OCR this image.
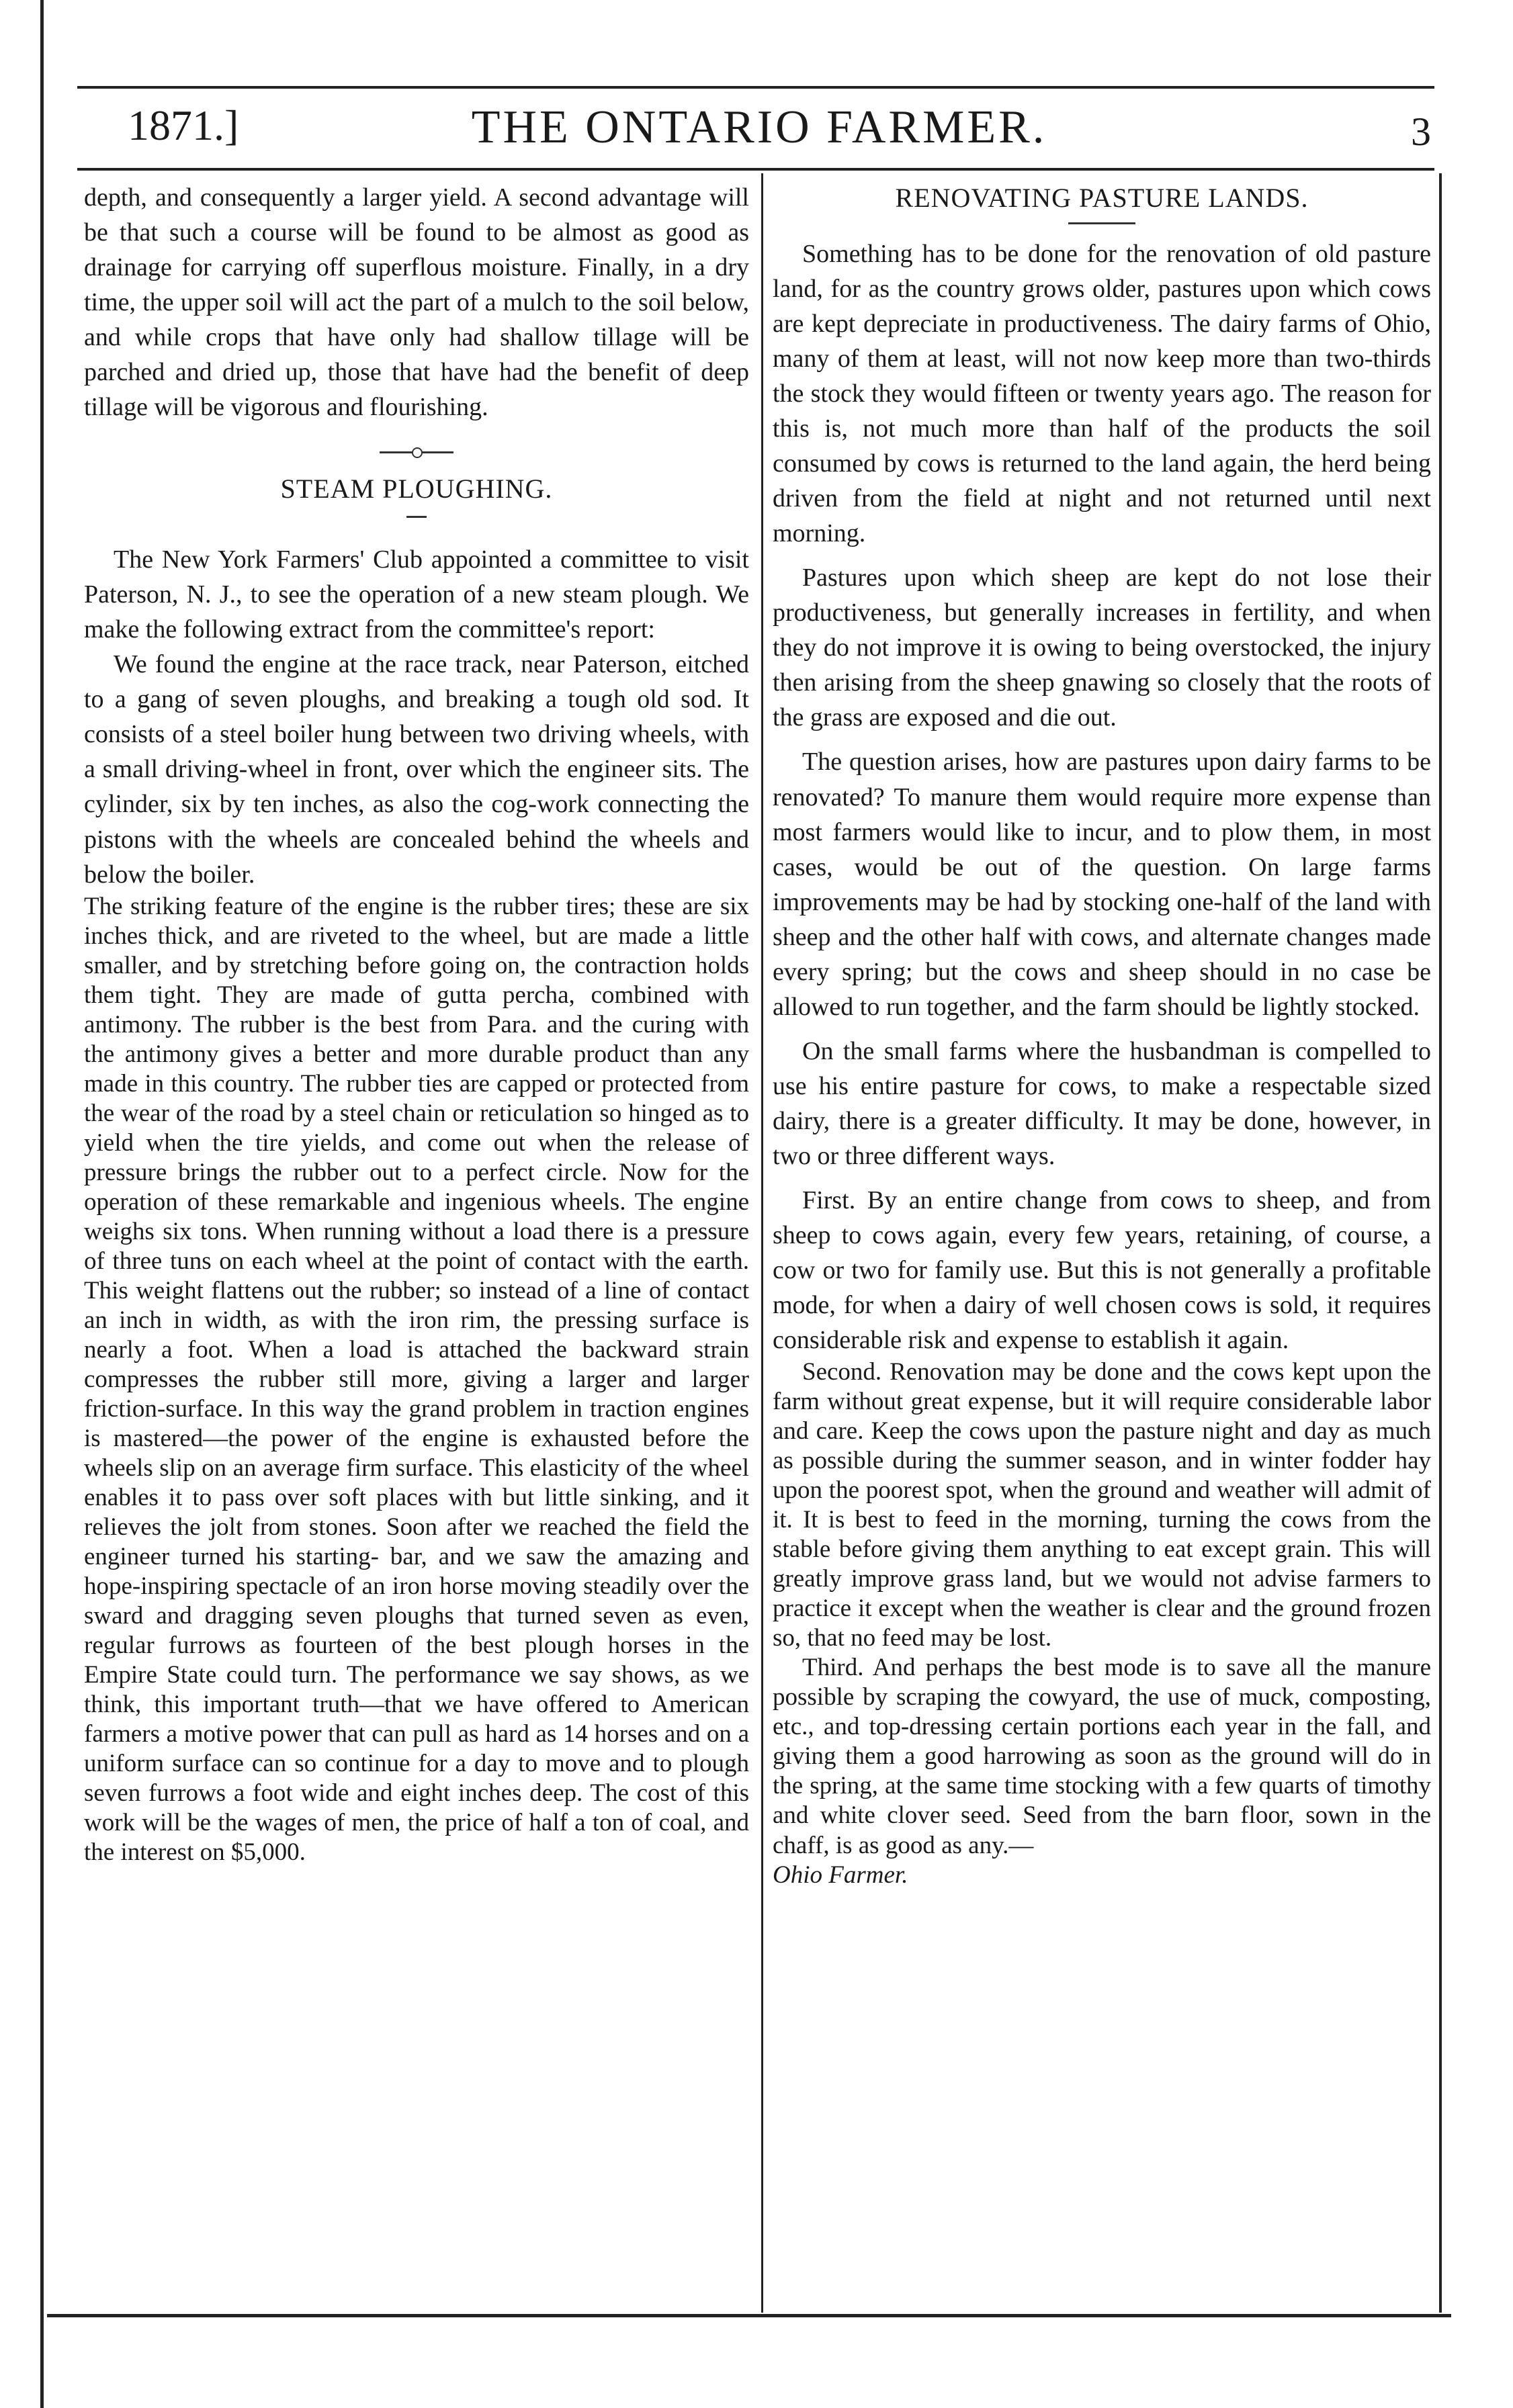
1871.]	THE ONTARIO FARMER.	3

depth, and consequently a larger yield. A second advantage will be that such a course will be found to be almost as good as drainage for carrying off superflous moisture. Finally, in a dry time, the upper soil will act the part of a mulch to the soil below, and while crops that have only had shallow tillage will be parched and dried up, those that have had the benefit of deep tillage will be vigorous and flourishing.

STEAM PLOUGHING.

The New York Farmers' Club appointed a committee to visit Paterson, N. J., to see the operation of a new steam plough. We make the following extract from the committee's report:

We found the engine at the race track, near Paterson, eitched to a gang of seven ploughs, and breaking a tough old sod. It consists of a steel boiler hung between two driving wheels, with a small driving-wheel in front, over which the engineer sits. The cylinder, six by ten inches, as also the cog-work connecting the pistons with the wheels are concealed behind the wheels and below the boiler.

The striking feature of the engine is the rubber tires; these are six inches thick, and are riveted to the wheel, but are made a little smaller, and by stretching before going on, the contraction holds them tight. They are made of gutta percha, combined with antimony. The rubber is the best from Para. and the curing with the antimony gives a better and more durable product than any made in this country. The rubber ties are capped or protected from the wear of the road by a steel chain or reticulation so hinged as to yield when the tire yields, and come out when the release of pressure brings the rubber out to a perfect circle. Now for the operation of these remarkable and ingenious wheels. The engine weighs six tons. When running without a load there is a pressure of three tuns on each wheel at the point of contact with the earth. This weight flattens out the rubber; so instead of a line of contact an inch in width, as with the iron rim, the pressing surface is nearly a foot. When a load is attached the backward strain compresses the rubber still more, giving a larger and larger friction-surface. In this way the grand problem in traction engines is mastered—the power of the engine is exhausted before the wheels slip on an average firm surface. This elasticity of the wheel enables it to pass over soft places with but little sinking, and it relieves the jolt from stones. Soon after we reached the field the engineer turned his starting- bar, and we saw the amazing and hope-inspiring spectacle of an iron horse moving steadily over the sward and dragging seven ploughs that turned seven as even, regular furrows as fourteen of the best plough horses in the Empire State could turn. The performance we say shows, as we think, this important truth—that we have offered to American farmers a motive power that can pull as hard as 14 horses and on a uniform surface can so continue for a day to move and to plough seven furrows a foot wide and eight inches deep. The cost of this work will be the wages of men, the price of half a ton of coal, and the interest on $5,000.

RENOVATING PASTURE LANDS.

Something has to be done for the renovation of old pasture land, for as the country grows older, pastures upon which cows are kept depreciate in productiveness. The dairy farms of Ohio, many of them at least, will not now keep more than two-thirds the stock they would fifteen or twenty years ago. The reason for this is, not much more than half of the products the soil consumed by cows is returned to the land again, the herd being driven from the field at night and not returned until next morning.

Pastures upon which sheep are kept do not lose their productiveness, but generally increases in fertility, and when they do not improve it is owing to being overstocked, the injury then arising from the sheep gnawing so closely that the roots of the grass are exposed and die out.

The question arises, how are pastures upon dairy farms to be renovated? To manure them would require more expense than most farmers would like to incur, and to plow them, in most cases, would be out of the question. On large farms improvements may be had by stocking one-half of the land with sheep and the other half with cows, and alternate changes made every spring; but the cows and sheep should in no case be allowed to run together, and the farm should be lightly stocked.

On the small farms where the husbandman is compelled to use his entire pasture for cows, to make a respectable sized dairy, there is a greater difficulty. It may be done, however, in two or three different ways.

First. By an entire change from cows to sheep, and from sheep to cows again, every few years, retaining, of course, a cow or two for family use. But this is not generally a profitable mode, for when a dairy of well chosen cows is sold, it requires considerable risk and expense to establish it again.

Second. Renovation may be done and the cows kept upon the farm without great expense, but it will require considerable labor and care. Keep the cows upon the pasture night and day as much as possible during the summer season, and in winter fodder hay upon the poorest spot, when the ground and weather will admit of it. It is best to feed in the morning, turning the cows from the stable before giving them anything to eat except grain. This will greatly improve grass land, but we would not advise farmers to practice it except when the weather is clear and the ground frozen so, that no feed may be lost.

Third. And perhaps the best mode is to save all the manure possible by scraping the cowyard, the use of muck, composting, etc., and top-dressing certain portions each year in the fall, and giving them a good harrowing as soon as the ground will do in the spring, at the same time stocking with a few quarts of timothy and white clover seed. Seed from the barn floor, sown in the chaff, is as good as any.—

Ohio Farmer.
